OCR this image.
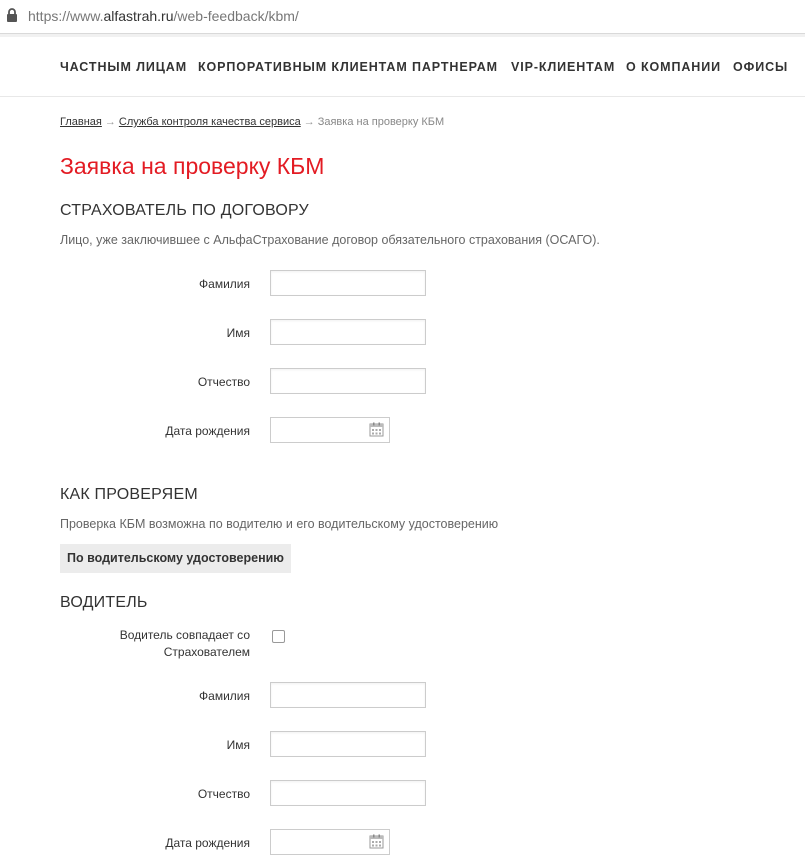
https://www.alfastrah.ru/web-feedback/kbm/
ЧАСТНЫМ ЛИЦАМ КОРПОРАТИВНЫМ КЛИЕНТАМ ПАРТНЕРАМ VIP-КЛИЕНТАМ О КОМПАНИИ ОФИСЫ
Главная → Служба контроля качества сервиса → Заявка на проверку КБМ
Заявка на проверку КБМ
СТРАХОВАТЕЛЬ ПО ДОГОВОРУ
Лицо, уже заключившее с АльфаСтрахование договор обязательного страхования (ОСАГО).
Фамилия
Имя
Отчество
Дата рождения
КАК ПРОВЕРЯЕМ
Проверка КБМ возможна по водителю и его водительскому удостоверению
По водительскому удостоверению
ВОДИТЕЛЬ
Водитель совпадает со
Страхователем
Фамилия
Имя
Отчество
Дата рождения
